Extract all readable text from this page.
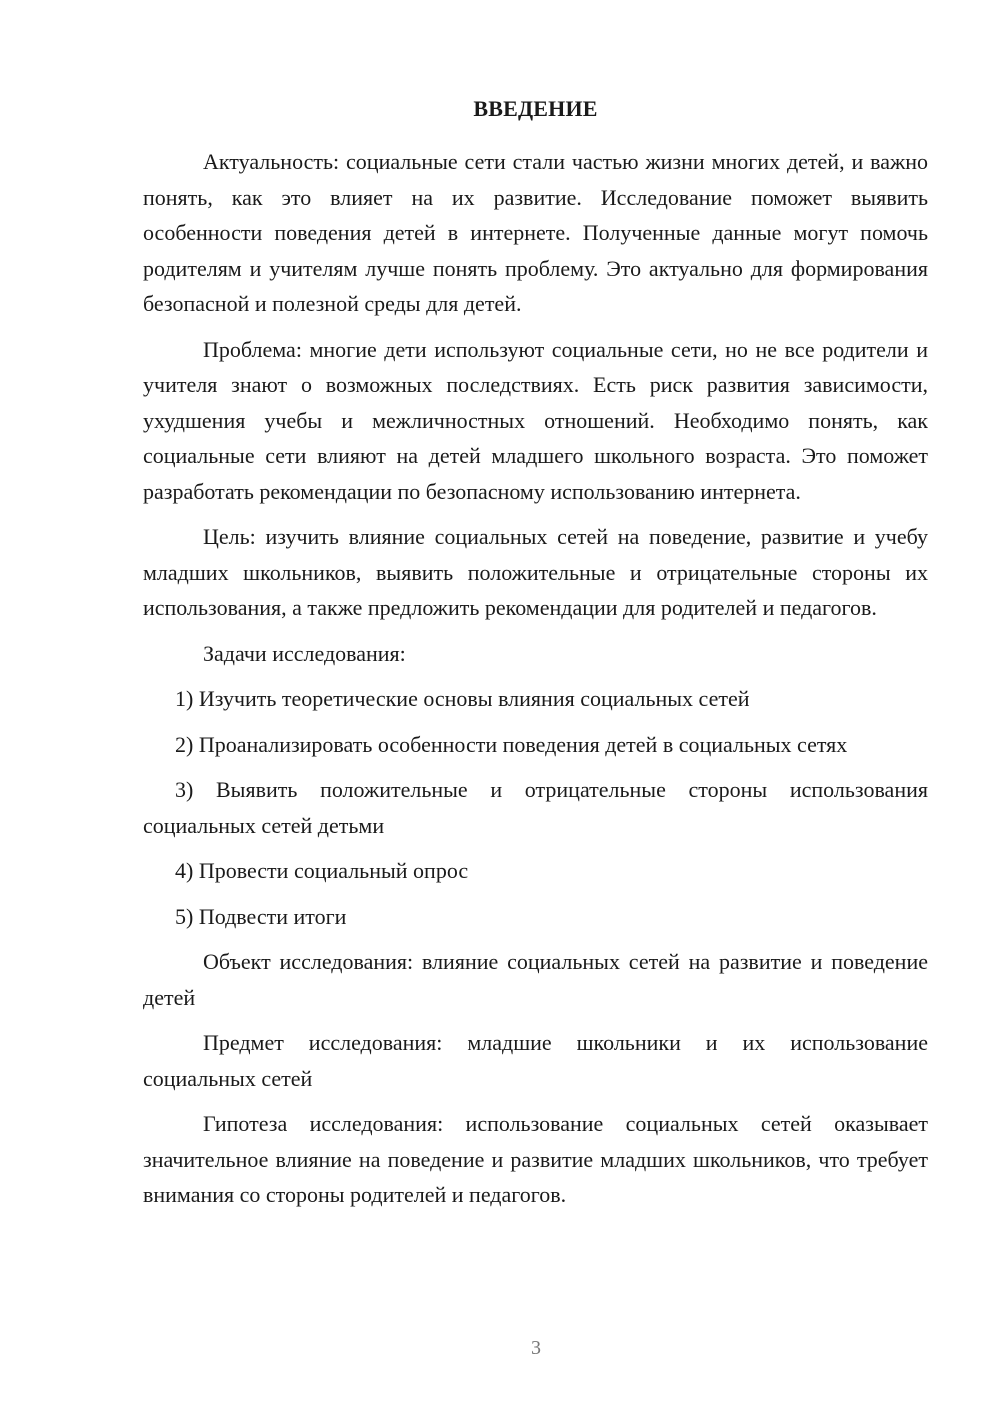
ВВЕДЕНИЕ

Актуальность: социальные сети стали частью жизни многих детей, и важно понять, как это влияет на их развитие. Исследование поможет выявить особенности поведения детей в интернете. Полученные данные могут помочь родителям и учителям лучше понять проблему. Это актуально для формирования безопасной и полезной среды для детей.

Проблема: многие дети используют социальные сети, но не все родители и учителя знают о возможных последствиях. Есть риск развития зависимости, ухудшения учебы и межличностных отношений. Необходимо понять, как социальные сети влияют на детей младшего школьного возраста. Это поможет разработать рекомендации по безопасному использованию интернета.

Цель: изучить влияние социальных сетей на поведение, развитие и учебу младших школьников, выявить положительные и отрицательные стороны их использования, а также предложить рекомендации для родителей и педагогов.

Задачи исследования:

1) Изучить теоретические основы влияния социальных сетей

2) Проанализировать особенности поведения детей в социальных сетях

3) Выявить положительные и отрицательные стороны использования социальных сетей детьми

4) Провести социальный опрос

5) Подвести итоги

Объект исследования: влияние социальных сетей на развитие и поведение детей

Предмет исследования: младшие школьники и их использование социальных сетей

Гипотеза исследования: использование социальных сетей оказывает значительное влияние на поведение и развитие младших школьников, что требует внимания со стороны родителей и педагогов.

3
